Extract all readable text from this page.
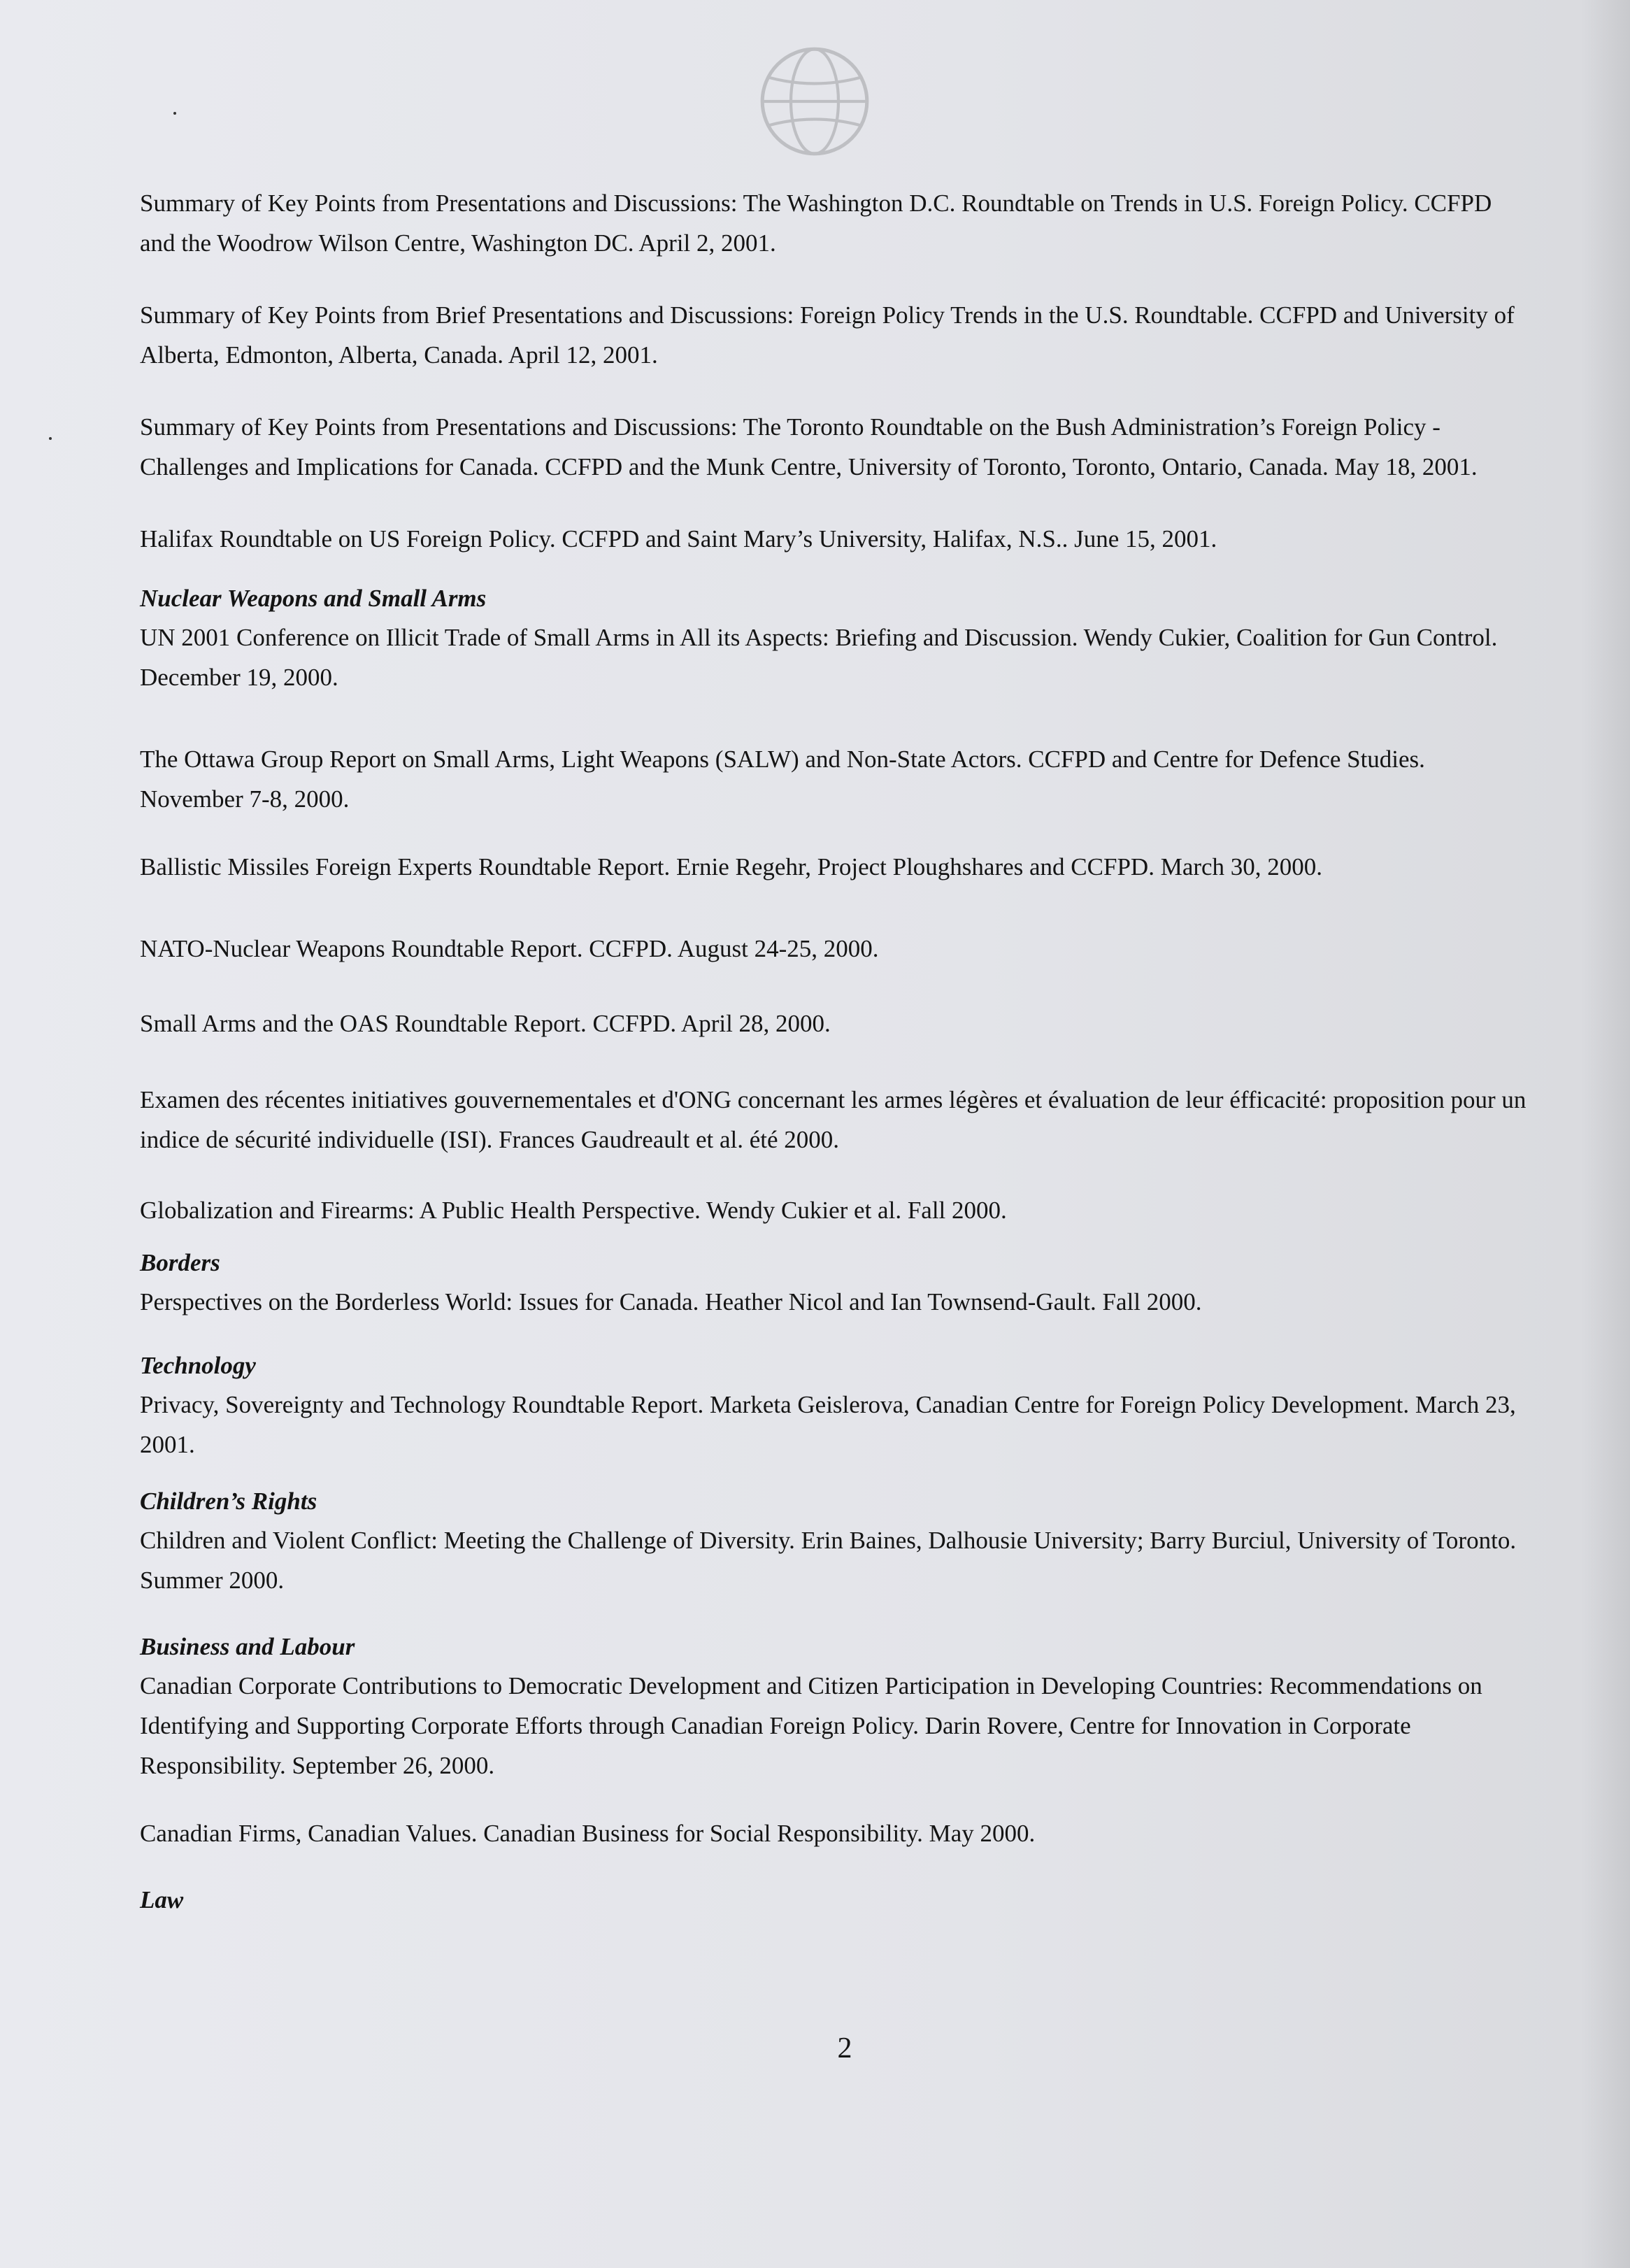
Summary of Key Points from Presentations and Discussions: The Washington D.C. Roundtable on Trends in U.S. Foreign Policy. CCFPD and the Woodrow Wilson Centre, Washington DC. April 2, 2001.

Summary of Key Points from Brief Presentations and Discussions: Foreign Policy Trends in the U.S. Roundtable. CCFPD and University of Alberta, Edmonton, Alberta, Canada. April 12, 2001.

Summary of Key Points from Presentations and Discussions: The Toronto Roundtable on the Bush Administration’s Foreign Policy - Challenges and Implications for Canada. CCFPD and the Munk Centre, University of Toronto, Toronto, Ontario, Canada. May 18, 2001.

Halifax Roundtable on US Foreign Policy. CCFPD and Saint Mary’s University, Halifax, N.S.. June 15, 2001.

Nuclear Weapons and Small Arms

UN 2001 Conference on Illicit Trade of Small Arms in All its Aspects: Briefing and Discussion. Wendy Cukier, Coalition for Gun Control. December 19, 2000.

The Ottawa Group Report on Small Arms, Light Weapons (SALW) and Non-State Actors. CCFPD and Centre for Defence Studies. November 7-8, 2000.

Ballistic Missiles Foreign Experts Roundtable Report. Ernie Regehr, Project Ploughshares and CCFPD. March 30, 2000.

NATO-Nuclear Weapons Roundtable Report. CCFPD. August 24-25, 2000.

Small Arms and the OAS Roundtable Report. CCFPD. April 28, 2000.

Examen des récentes initiatives gouvernementales et d'ONG concernant les armes légères et évaluation de leur éfficacité: proposition pour un indice de sécurité individuelle (ISI). Frances Gaudreault et al. été 2000.

Globalization and Firearms: A Public Health Perspective. Wendy Cukier et al. Fall 2000.

Borders

Perspectives on the Borderless World: Issues for Canada. Heather Nicol and Ian Townsend-Gault. Fall 2000.

Technology

Privacy, Sovereignty and Technology Roundtable Report. Marketa Geislerova, Canadian Centre for Foreign Policy Development. March 23, 2001.

Children’s Rights

Children and Violent Conflict: Meeting the Challenge of Diversity. Erin Baines, Dalhousie University; Barry Burciul, University of Toronto. Summer 2000.

Business and Labour

Canadian Corporate Contributions to Democratic Development and Citizen Participation in Developing Countries: Recommendations on Identifying and Supporting Corporate Efforts through Canadian Foreign Policy. Darin Rovere, Centre for Innovation in Corporate Responsibility. September 26, 2000.

Canadian Firms, Canadian Values. Canadian Business for Social Responsibility. May 2000.

Law

2
